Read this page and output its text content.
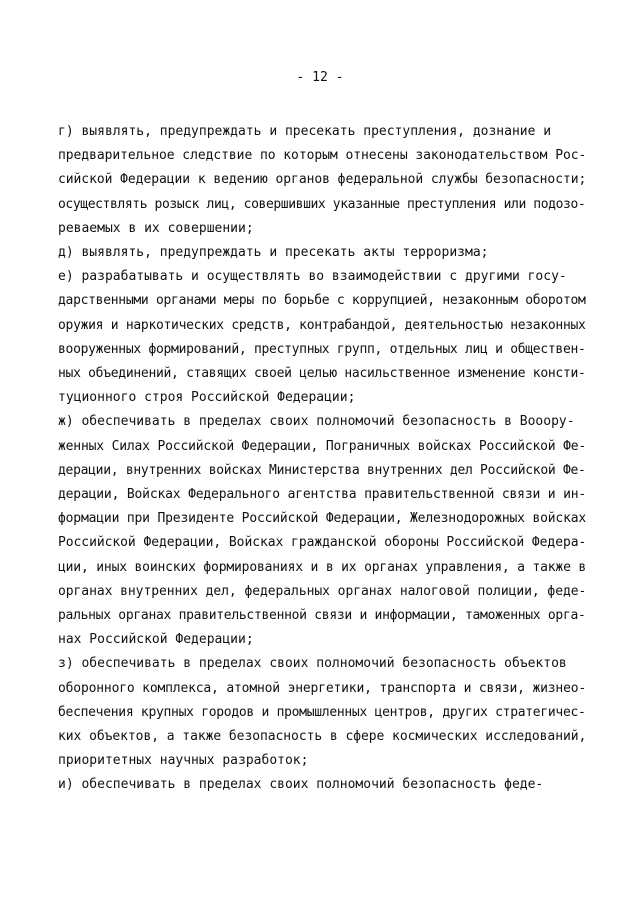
- 12 -
г) выявлять, предупреждать и пресекать преступления, дознание и
предварительное следствие по которым отнесены законодательством Рос-
сийской Федерации к ведению органов федеральной службы безопасности;
осуществлять розыск лиц, совершивших указанные преступления или подозо-
реваемых в их совершении;
д) выявлять, предупреждать и пресекать акты терроризма;
е) разрабатывать и осуществлять во взаимодействии с другими госу-
дарственными органами меры по борьбе с коррупцией, незаконным оборотом
оружия и наркотических средств, контрабандой, деятельностью незаконных
вооруженных формирований, преступных групп, отдельных лиц и обществен-
ных объединений, ставящих своей целью насильственное изменение консти-
туционного строя Российской Федерации;
ж) обеспечивать в пределах своих полномочий безопасность в Вооору-
женных Силах Российской Федерации, Пограничных войсках Российской Фе-
дерации, внутренних войсках Министерства внутренних дел Российской Фе-
дерации, Войсках Федерального агентства правительственной связи и ин-
формации при Президенте Российской Федерации, Железнодорожных войсках
Российской Федерации, Войсках гражданской обороны Российской Федера-
ции, иных воинских формированиях и в их органах управления, а также в
органах внутренних дел, федеральных органах налоговой полиции, феде-
ральных органах правительственной связи и информации, таможенных орга-
нах Российской Федерации;
з) обеспечивать в пределах своих полномочий безопасность объектов
оборонного комплекса, атомной энергетики, транспорта и связи, жизнео-
беспечения крупных городов и промышленных центров, других стратегичес-
ких объектов, а также безопасность в сфере космических исследований,
приоритетных научных разработок;
и) обеспечивать в пределах своих полномочий безопасность феде-
